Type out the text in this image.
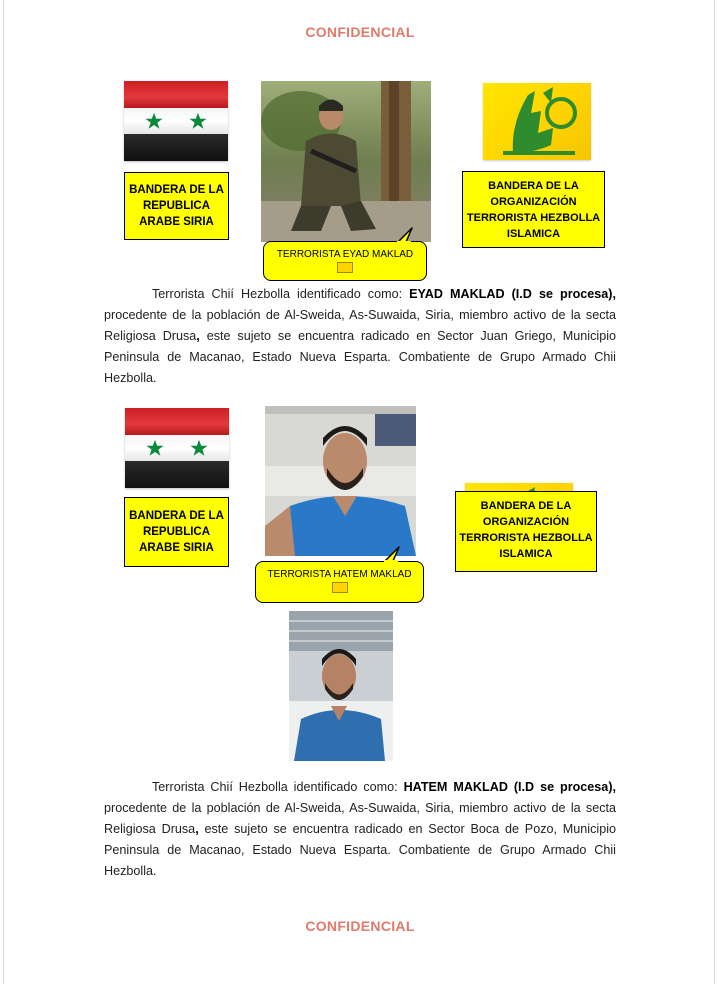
CONFIDENCIAL
BANDERA DE LA REPUBLICA ARABE SIRIA
TERRORISTA EYAD MAKLAD
BANDERA DE LA ORGANIZACIÓN TERRORISTA HEZBOLLA ISLAMICA

Terrorista Chií Hezbolla identificado como: EYAD MAKLAD (I.D se procesa), procedente de la población de Al-Sweida, As-Suwaida, Siria, miembro activo de la secta Religiosa Drusa, este sujeto se encuentra radicado en Sector Juan Griego, Municipio Peninsula de Macanao, Estado Nueva Esparta. Combatiente de Grupo Armado Chii Hezbolla.

BANDERA DE LA REPUBLICA ARABE SIRIA
TERRORISTA HATEM MAKLAD
BANDERA DE LA ORGANIZACIÓN TERRORISTA HEZBOLLA ISLAMICA

Terrorista Chií Hezbolla identificado como: HATEM MAKLAD (I.D se procesa), procedente de la población de Al-Sweida, As-Suwaida, Siria, miembro activo de la secta Religiosa Drusa, este sujeto se encuentra radicado en Sector Boca de Pozo, Municipio Peninsula de Macanao, Estado Nueva Esparta. Combatiente de Grupo Armado Chii Hezbolla.

CONFIDENCIAL
